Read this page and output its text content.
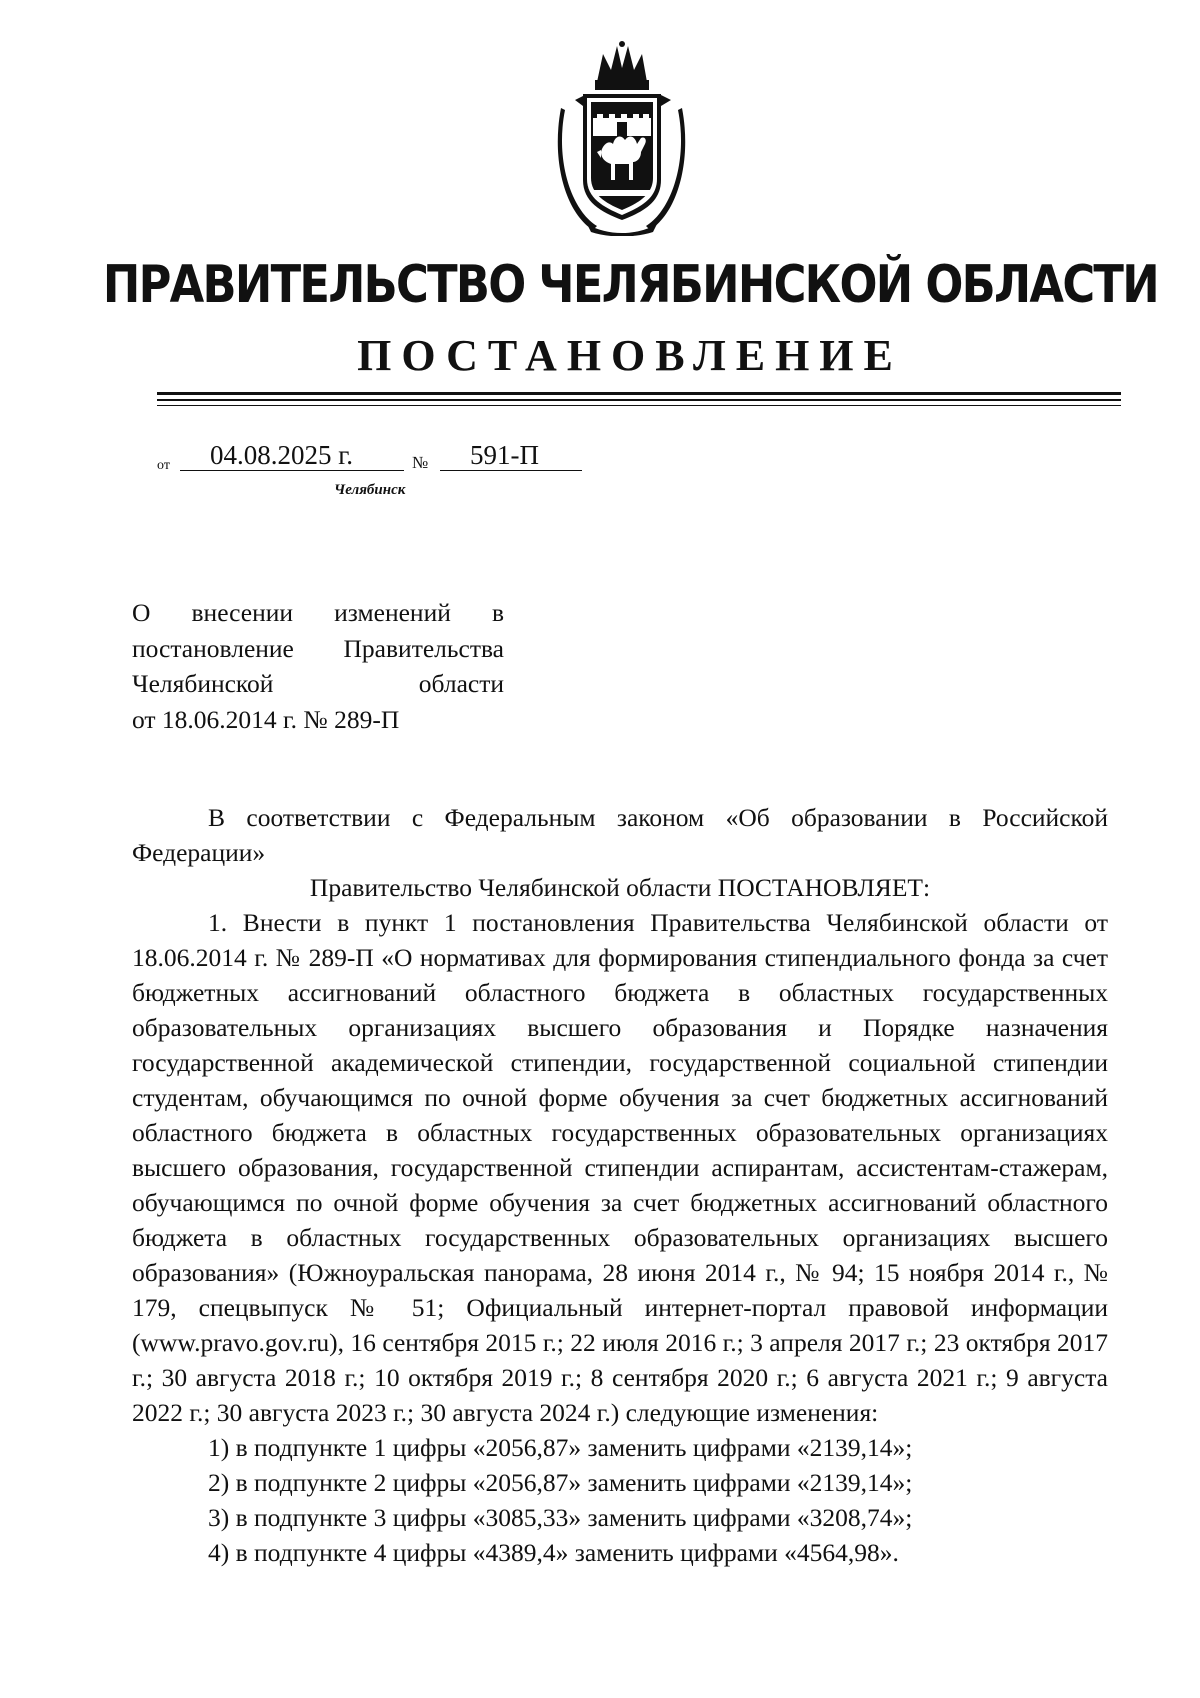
ПРАВИТЕЛЬСТВО ЧЕЛЯБИНСКОЙ ОБЛАСТИ
ПОСТАНОВЛЕНИЕ
от 04.08.2025 г.	№ 591-П
Челябинск
О внесении изменений в
постановление Правительства
Челябинской области
от 18.06.2014 г. № 289-П
В соответствии с Федеральным законом «Об образовании в Российской Федерации»
Правительство Челябинской области ПОСТАНОВЛЯЕТ:
1. Внести в пункт 1 постановления Правительства Челябинской области от 18.06.2014 г. № 289-П «О нормативах для формирования стипендиального фонда за счет бюджетных ассигнований областного бюджета в областных государственных образовательных организациях высшего образования и Порядке назначения государственной академической стипендии, государственной социальной стипендии студентам, обучающимся по очной форме обучения за счет бюджетных ассигнований областного бюджета в областных государственных образовательных организациях высшего образования, государственной стипендии аспирантам, ассистентам-стажерам, обучающимся по очной форме обучения за счет бюджетных ассигнований областного бюджета в областных государственных образовательных организациях высшего образования» (Южноуральская панорама, 28 июня 2014 г., № 94; 15 ноября 2014 г., № 179, спецвыпуск № 51; Официальный интернет-портал правовой информации (www.pravo.gov.ru), 16 сентября 2015 г.; 22 июля 2016 г.; 3 апреля 2017 г.; 23 октября 2017 г.; 30 августа 2018 г.; 10 октября 2019 г.; 8 сентября 2020 г.; 6 августа 2021 г.; 9 августа 2022 г.; 30 августа 2023 г.; 30 августа 2024 г.) следующие изменения:
1) в подпункте 1 цифры «2056,87» заменить цифрами «2139,14»;
2) в подпункте 2 цифры «2056,87» заменить цифрами «2139,14»;
3) в подпункте 3 цифры «3085,33» заменить цифрами «3208,74»;
4) в подпункте 4 цифры «4389,4» заменить цифрами «4564,98».
